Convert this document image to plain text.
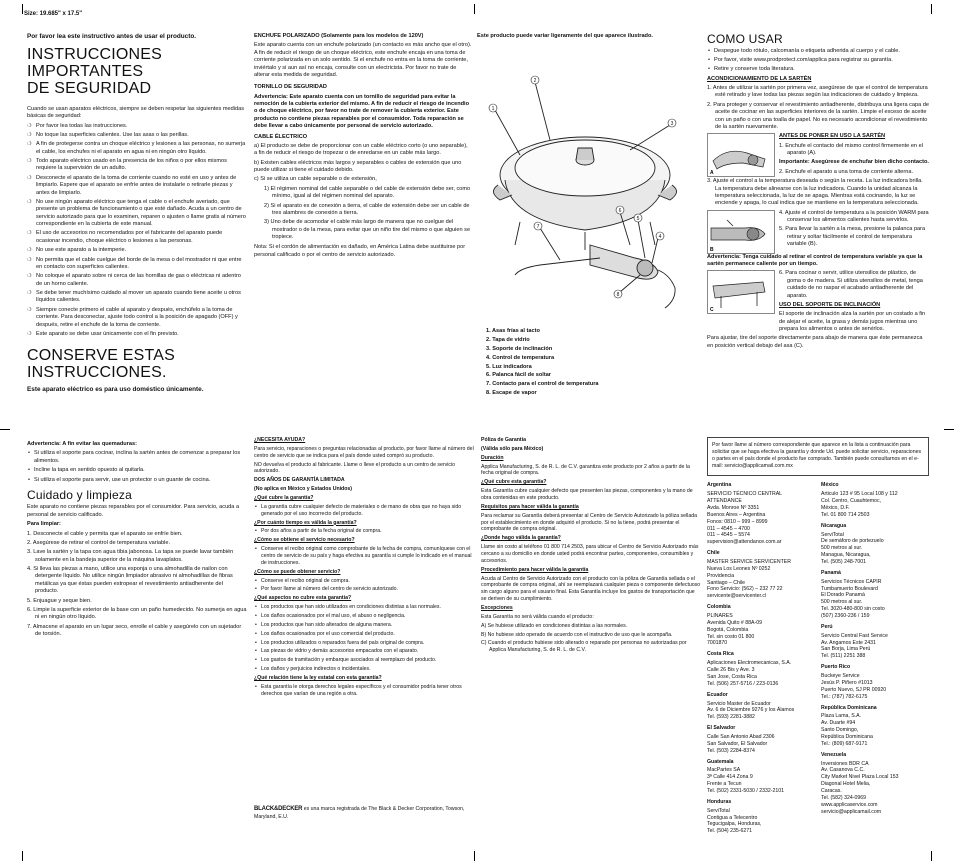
Size: 19.685" x 17.5"

Por favor lea este instructivo antes de usar el producto.

INSTRUCCIONES IMPORTANTES
DE SEGURIDAD

Cuando se usan aparatos eléctricos, siempre se deben respetar las siguientes medidas básicas de seguridad:

❍ Por favor lea todas las instrucciones.

❍ No toque las superficies calientes. Use las asas o las perillas.

❍ A fin de protegerse contra un choque eléctrico y lesiones a las personas, no sumerja el cable, los enchufes ni el aparato en agua ni en ningún otro líquido.

❍ Todo aparato eléctrico usado en la presencia de los niños o por ellos mismos requiere la supervisión de un adulto.

❍ Desconecte el aparato de la toma de corriente cuando no esté en uso y antes de limpiarlo. Espere que el aparato se enfríe antes de instalarle o retirarle piezas y antes de limpiarlo.

❍ No use ningún aparato eléctrico que tenga el cable o el enchufe averiado, que presente un problema de funcionamiento o que esté dañado. Acuda a un centro de servicio autorizado para que lo examinen, reparen o ajusten o llame gratis al número correspondiente en la cubierta de este manual.

❍ El uso de accesorios no recomendados por el fabricante del aparato puede ocasionar incendio, choque eléctrico o lesiones a las personas.

❍ No use este aparato a la intemperie.

❍ No permita que el cable cuelgue del borde de la mesa o del mostrador ni que entre en contacto con superficies calientes.

❍ No coloque el aparato sobre ni cerca de las hornillas de gas o eléctricas ni adentro de un horno caliente.

❍ Se debe tener muchísimo cuidado al mover un aparato cuando tiene aceite u otros líquidos calientes.

❍ Siempre conecte primero el cable al aparato y después, enchúfelo a la toma de corriente. Para desconectar, ajuste todo control a la posición de apagado (OFF) y después, retire el enchufe de la toma de corriente.

❍ Este aparato se debe usar únicamente con el fin previsto.

CONSERVE ESTAS
INSTRUCCIONES.

Este aparato eléctrico es para uso doméstico únicamente.

ENCHUFE POLARIZADO (Solamente para los modelos de 120V)

Este aparato cuenta con un enchufe polarizado (un contacto es más ancho que el otro). A fin de reducir el riesgo de un choque eléctrico, este enchufe encaja en una toma de corriente polarizada en un solo sentido. Si el enchufe no entra en la toma de corriente, inviértalo y si aun así no encaja, consulte con un electricista. Por favor no trate de alterar esta medida de seguridad.

TORNILLO DE SEGURIDAD

Advertencia: Este aparato cuenta con un tornillo de seguridad para evitar la remoción de la cubierta exterior del mismo. A fin de reducir el riesgo de incendio o de choque eléctrico, por favor no trate de remover la cubierta exterior. Este producto no contiene piezas reparables por el consumidor. Toda reparación se debe llevar a cabo únicamente por personal de servicio autorizado.

CABLE ÉLECTRICO

a) El producto se debe de proporcionar con un cable eléctrico corto (o uno separable), a fin de reducir el riesgo de tropezar o de enredarse en un cable más largo.

b) Existen cables eléctricos más largos y separables o cables de extensión que uno puede utilizar si tiene el cuidado debido.

c) Si se utiliza un cable separable o de extensión,

1) El régimen nominal del cable separable o del cable de extensión debe ser, como mínimo, igual al del régimen nominal del aparato.

2) Si el aparato es de conexión a tierra, el cable de extensión debe ser un cable de tres alambres de conexión a tierra.

3) Uno debe de acomodar el cable más largo de manera que no cuelgue del mostrador o de la mesa, para evitar que un niño tire del mismo o que alguien se tropiece.

Nota: Si el cordón de alimentación es dañado, en América Latina debe sustituirse por personal calificado o por el centro de servicio autorizado.

Este producto puede variar ligeramente del que aparece ilustrado.

2
1
3
6
5
4
7
8

1. Asas frías al tacto

2. Tapa de vidrio

3. Soporte de inclinación

4. Control de temperatura

5. Luz indicadora

6. Palanca fácil de soltar

7. Contacto para el control de temperatura

8. Escape de vapor

COMO USAR

• Despegue todo rótulo, calcomanía o etiqueta adherida al cuerpo y el cable.

• Por favor, visite www.prodprotect.com/applica para registrar su garantía.

• Retire y conserve toda literatura.

ACONDICIONAMIENTO DE LA SARTÉN

1. Antes de utilizar la sartén por primera vez, asegúrese de que el control de temperatura esté retirado y lave todas las piezas según las indicaciones de cuidado y limpieza.

2. Para proteger y conservar el revestimiento antiadherente, distribuya una ligera capa de aceite de cocinar en las superficies interiores de la sartén. Limpie el exceso de aceite con un paño o con una toalla de papel. No es necesario acondicionar el revestimiento de la sartén nuevamente.

A

ANTES DE PONER EN USO LA SARTÉN

1. Enchufe el contacto del mismo control firmemente en el aparato (A).

Importante: Asegúrese de enchufar bien dicho contacto.

2. Enchufe el aparato a una toma de corriente alterna.

3. Ajuste el control a la temperatura deseada o según la receta. La luz indicadora brilla. La temperatura debe alinearse con la luz indicadora. Cuando la unidad alcanza la temperatura seleccionada, la luz de se apaga. Mientras está cocinando, la luz se enciende y apaga, lo cual indica que se mantiene en la temperatura seleccionada.

B

4. Ajuste el control de temperatura a la posición WARM para conservar los alimentos calientes hasta servirlos.

5. Para llevar la sartén a la mesa, presione la palanca para retirar y soltar fácilmente el control de temperatura variable (B).

Advertencia: Tenga cuidado al retirar el control de temperatura variable ya que la sartén permanece caliente por un tiempo.

C

6. Para cocinar o servir, utilice utensilios de plástico, de goma o de madera. Si utiliza utensilios de metal, tenga cuidado de no raspar el acabado antiadherente del aparato.

USO DEL SOPORTE DE INCLINACIÓN

El soporte de inclinación alza la sartén por un costado a fin de alejar el aceite, la grasa y demás jugos mientras uno prepara los alimentos o antes de servirlos.

Para ajustar, tire del soporte directamente para abajo de manera que éste permanezca en posición vertical debajo del asa (C).

Advertencia: A fin evitar las quemaduras:

• Si utiliza el soporte para cocinar, inclina la sartén antes de comenzar a preparar los alimentos.

• Incline la tapa en sentido opuesto al quitarla.

• Si utiliza el soporte para servir, use un protector o un guante de cocina.

Cuidado y limpieza

Este aparato no contiene piezas reparables por el consumidor. Para servicio, acuda a personal de servicio calificado.

Para limpiar:

1. Desconecte el cable y permita que el aparato se enfríe bien.

2. Asegúrese de retirar el control de temperatura variable.

3. Lave la sartén y la tapa con agua tibia jabonosa. La tapa se puede lavar también solamente en la bandeja superior de la máquina lavaplatos.

4. Si lleva las piezas a mano, utilice una esponja o una almohadilla de nailon con detergente líquido. No utilice ningún limpiador abrasivo ni almohadillas de fibras metálicas ya que éstas pueden estropear el revestimiento antiadherente del producto.

5. Enjuague y seque bien.

6. Limpie la superficie exterior de la base con un paño humedecido. No sumerja en agua ni en ningún otro líquido.

7. Almacene el aparato en un lugar seco, enrolle el cable y asegúrelo con un sujetador de torsión.

¿NECESITA AYUDA?

Para servicio, reparaciones o preguntas relacionadas al producto, por favor llame al número del centro de servicio que se indica para el país donde usted compró su producto.

NO devuelva el producto al fabricante. Llame o lleve el producto a un centro de servicio autorizado.

DOS AÑOS DE GARANTÍA LIMITADA

(No aplica en México y Estados Unidos)

¿Qué cubre la garantía?

• La garantía cubre cualquier defecto de materiales o de mano de obra que no haya sido generado por el uso incorrecto del producto.

¿Por cuánto tiempo es válida la garantía?

• Por dos años a partir de la fecha original de compra.

¿Cómo se obtiene el servicio necesario?

• Conserve el recibo original como comprobante de la fecha de compra, comuníquese con el centro de servicio de su país y haga efectiva su garantía si cumple lo indicado en el manual de instrucciones.

¿Cómo se puede obtener servicio?

• Conserve el recibo original de compra.

• Por favor llame al número del centro de servicio autorizado.

¿Qué aspectos no cubre esta garantía?

• Los productos que han sido utilizados en condiciones distintas a las normales.

• Los daños ocasionados por el mal uso, el abuso o negligencia.

• Los productos que han sido alterados de alguna manera.

• Los daños ocasionados por el uso comercial del producto.

• Los productos utilizados o reparados fuera del país original de compra.

• Las piezas de vidrio y demás accesorios empacados con el aparato.

• Los gastos de tramitación y embarque asociados al reemplazo del producto.

• Los daños y perjuicios indirectos o incidentales.

¿Qué relación tiene la ley estatal con esta garantía?

• Esta garantía le otorga derechos legales específicos y el consumidor podría tener otros derechos que varían de una región a otra.

Póliza de Garantía

(Válida sólo para México)

Duración

Applica Manufacturing, S. de R. L. de C.V. garantiza este producto por 2 años a partir de la fecha original de compra.

¿Qué cubre esta garantía?

Esta Garantía cubre cualquier defecto que presenten las piezas, componentes y la mano de obra contenidas en este producto.

Requisitos para hacer válida la garantía

Para reclamar su Garantía deberá presentar al Centro de Servicio Autorizado la póliza sellada por el establecimiento en donde adquirió el producto. Si no la tiene, podrá presentar el comprobante de compra original.

¿Donde hago válida la garantía?

Llame sin costo al teléfono 01 800 714 2503, para ubicar el Centro de Servicio Autorizado más cercano a su domicilio en donde usted podrá encontrar partes, componentes, consumibles y accesorios.

Procedimiento para hacer válida la garantía

Acuda al Centro de Servicio Autorizado con el producto con la póliza de Garantía sellada o el comprobante de compra original, ahí se reemplazará cualquier pieza o componente defectuoso sin cargo alguno para el usuario final. Esta Garantía incluye los gastos de transportación que se deriven de su cumplimiento.

Excepciones

Esta Garantía no será válida cuando el producto:

A) Se hubiese utilizado en condiciones distintas a las normales.

B) No hubiese sido operado de acuerdo con el instructivo de uso que le acompaña.

C) Cuando el producto hubiese sido alterado o reparado por personas no autorizadas por Applica Manufacturing, S. de R. L. de C.V.

Por favor llame al número correspondiente que aparece en la lista a continuación para solicitar que se haga efectiva la garantía y donde Ud. puede solicitar servicio, reparaciones o partes en el país donde el producto fue comprado. También puede consultarnos en el e-mail: servicio@applicamail.com.mx

Argentina

SERVICIO TÉCNICO CENTRAL

ATTENDANCE

Avda. Monroe Nº 3351

Buenos Aires – Argentina

Fonos: 0810 – 999 – 8999

011 – 4545 – 4700

011 – 4545 – 5574

supervision@attendance.com.ar

Chile

MASTER SERVICE SERVICENTER

Nueva Los Leones Nº 0252

Providencia

Santiago – Chile

Fono Servicio: (562) – 232 77 22

servicente@servicenter.cl

Colombia

PLINARES

Avenida Quito # 88A-09

Bogotá, Colombia

Tel. sin costo 01 800

7001870

Costa Rica

Aplicaciones Electromecanicas, S.A.

Calle 26 Bis y Ave. 3

San Jose, Costa Rica

Tel. (506) 257-5716 / 223-0136

Ecuador

Servicio Master de Ecuador

Av. 6 de Diciembre 9276 y los Álamos

Tel. (593) 2281-3882

El Salvador

Calle San Antonio Abad 2306

San Salvador, El Salvador

Tel. (503) 2284-8374

Guatemala

MacPartes SA

3ª Calle 414 Zona 9

Frente a Tecun

Tel. (502) 2331-5030 / 2332-2101

Honduras

ServiTotal

Contigua a Telecentro

Tegucigalpa, Honduras,

Tel. (504) 235-6271

México

Articulo 123 # 95 Local 108 y 112

Col. Centro, Cuauhtemoc,

México, D.F.

Tel. 01 800 714 2503

Nicaragua

ServiTotal

De semáforo de portezuelo

500 metros al sur.

Managua, Nicaragua,

Tel. (505) 248-7001

Panamá

Servicios Técnicos CAPIR

Tumbamuerto Boulevard

El Dorado Panamá

500 metros al sur.

Tel. 3020-480-800 sin costo

(507) 2360-236 / 159

Perú

Servicio Central Fast Service

Av. Angamos Este 2431

San Borja, Lima Perú

Tel. (511) 2251 388

Puerto Rico

Buckeye Service

Jesús P. Piñero #1013

Puerto Nuevo, SJ PR 00920

Tel.: (787) 782-6175

República Dominicana

Plaza Lama, S.A.

Av. Duarte #94

Santo Domingo,

República Dominicana

Tel.: (809) 687-9171

Venezuela

Inversiones BDR CA

Av. Casanova C.C.

City Market Nivel Plaza Local 153

Diagonal Hotel Melia,

Caracas.

Tel. (582) 324-0969

www.applicaservice.com

servicio@applicamail.com

BLACK&DECKER es una marca registrada de The Black & Decker Corporation, Towson, Maryland, E.U.
